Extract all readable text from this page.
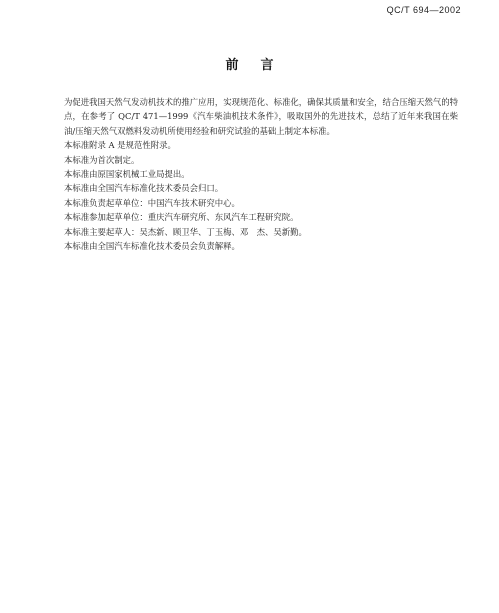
QC/T 694—2002
前言

为促进我国天然气发动机技术的推广应用，实现规范化、标准化，确保其质量和安全，结合压缩天然气的特点，在参考了 QC/T 471—1999《汽车柴油机技术条件》，吸取国外的先进技术，总结了近年来我国在柴油/压缩天然气双燃料发动机所使用经验和研究试验的基础上制定本标准。

本标准附录 A 是规范性附录。

本标准为首次制定。

本标准由原国家机械工业局提出。

本标准由全国汽车标准化技术委员会归口。

本标准负责起草单位：中国汽车技术研究中心。

本标准参加起草单位：重庆汽车研究所、东风汽车工程研究院。

本标准主要起草人：吴杰新、顾卫华、丁玉梅、邓　杰、吴新勤。

本标准由全国汽车标准化技术委员会负责解释。
